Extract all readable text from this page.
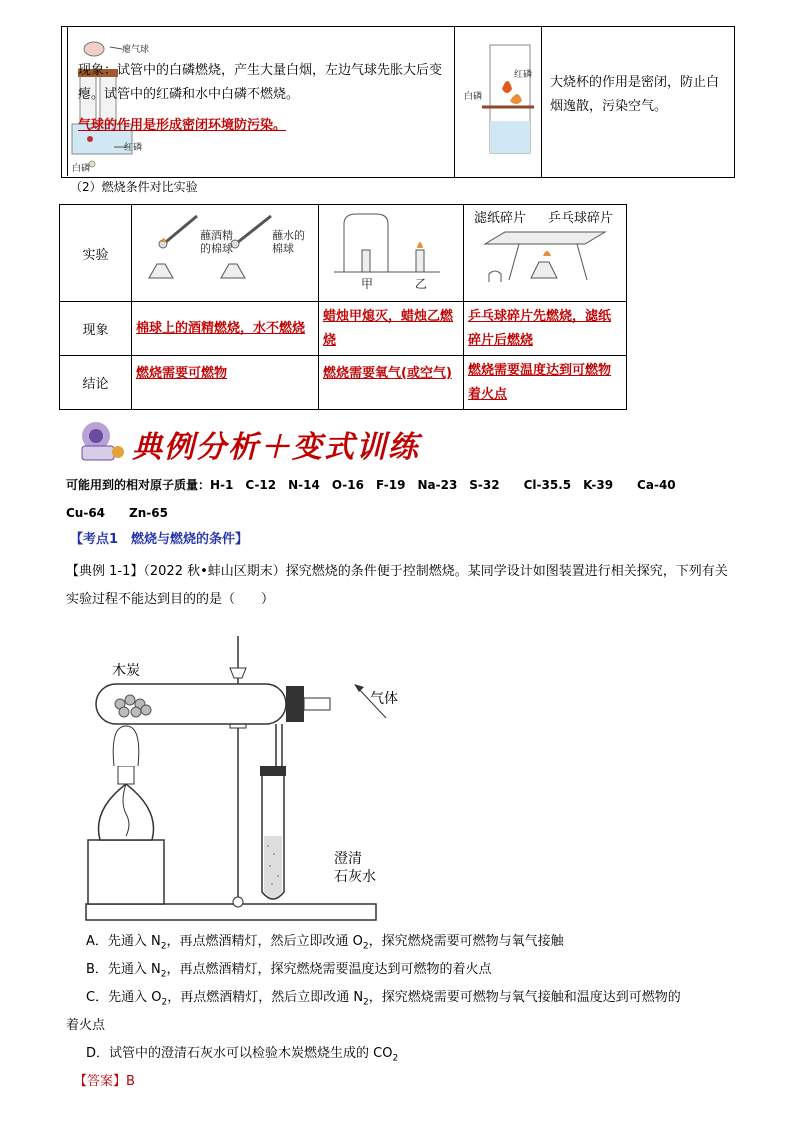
瘪气球
红磷
白磷
现象：试管中的白磷燃烧，产生大量白烟，左边气球先胀大后变瘪。试管中的红磷和水中白磷不燃烧。
气球的作用是形成密闭环境防污染。
红磷
白磷
大烧杯的作用是密闭，防止白烟逸散，污染空气。
（2）燃烧条件对比实验
实验	蘸酒精的棉球
蘸水的棉球	甲 乙	滤纸碎片 乒乓球碎片

现象	棉球上的酒精燃烧，水不燃烧	蜡烛甲熄灭，蜡烛乙燃烧	乒乓球碎片先燃烧，滤纸碎片后燃烧
结论	燃烧需要可燃物	燃烧需要氧气(或空气)	燃烧需要温度达到可燃物着火点
典例分析＋变式训练
可能用到的相对原子质量：H-1　C-12　N-14　O-16　F-19　Na-23　S-32　　Cl-35.5　K-39　　Ca-40
Cu-64　　Zn-65
【考点1　燃烧与燃烧的条件】
【典例 1-1】（2022 秋•蚌山区期末）探究燃烧的条件便于控制燃烧。某同学设计如图装置进行相关探究，下列有关实验过程不能达到目的的是（　　）
木炭
气体
澄清
石灰水
A．先通入 $N_2$，再点燃酒精灯，然后立即改通 $O_2$，探究燃烧需要可燃物与氧气接触
B．先通入 $N_2$，再点燃酒精灯，探究燃烧需要温度达到可燃物的着火点
C．先通入 $O_2$，再点燃酒精灯，然后立即改通 $N_2$，探究燃烧需要可燃物与氧气接触和温度达到可燃物的
着火点
D．试管中的澄清石灰水可以检验木炭燃烧生成的 $CO_2$
【答案】B
